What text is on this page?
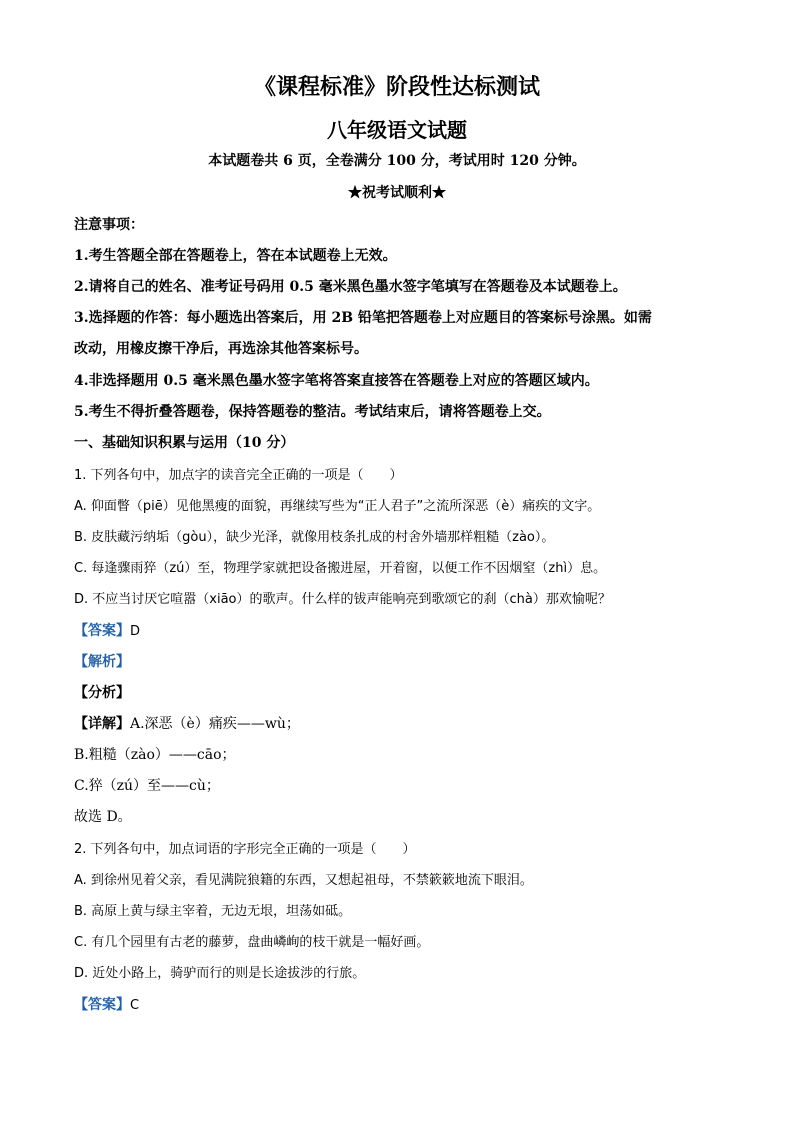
《课程标准》阶段性达标测试
八年级语文试题
本试题卷共 6 页，全卷满分 100 分，考试用时 120 分钟。
★祝考试顺利★
注意事项：
1.考生答题全部在答题卷上，答在本试题卷上无效。
2.请将自己的姓名、准考证号码用 0.5 毫米黑色墨水签字笔填写在答题卷及本试题卷上。
3.选择题的作答：每小题选出答案后，用 2B 铅笔把答题卷上对应题目的答案标号涂黑。如需
改动，用橡皮擦干净后，再选涂其他答案标号。
4.非选择题用 0.5 毫米黑色墨水签字笔将答案直接答在答题卷上对应的答题区域内。
5.考生不得折叠答题卷，保持答题卷的整洁。考试结束后，请将答题卷上交。
一、基础知识积累与运用（10 分）
1. 下列各句中，加点字的读音完全正确的一项是（　　）
A. 仰面瞥（piē）见他黑瘦的面貌，再继续写些为“正人君子”之流所深恶（è）痛疾的文字。
B. 皮肤藏污纳垢（gòu），缺少光泽，就像用枝条扎成的村舍外墙那样粗糙（zào）。
C. 每逢骤雨猝（zú）至，物理学家就把设备搬进屋，开着窗，以便工作不因烟窒（zhì）息。
D. 不应当讨厌它喧嚣（xiāo）的歌声。什么样的钹声能响亮到歌颂它的刹（chà）那欢愉呢？
【答案】D
【解析】
【分析】
【详解】A.深恶（è）痛疾——wù；
B.粗糙（zào）——cāo；
C.猝（zú）至——cù；
故选 D。
2. 下列各句中，加点词语的字形完全正确的一项是（　　）
A. 到徐州见着父亲，看见满院狼籍的东西，又想起祖母，不禁簌簌地流下眼泪。
B. 高原上黄与绿主宰着，无边无垠，坦荡如砥。
C. 有几个园里有古老的藤萝，盘曲嶙峋的枝干就是一幅好画。
D. 近处小路上，骑驴而行的则是长途拔涉的行旅。
【答案】C
